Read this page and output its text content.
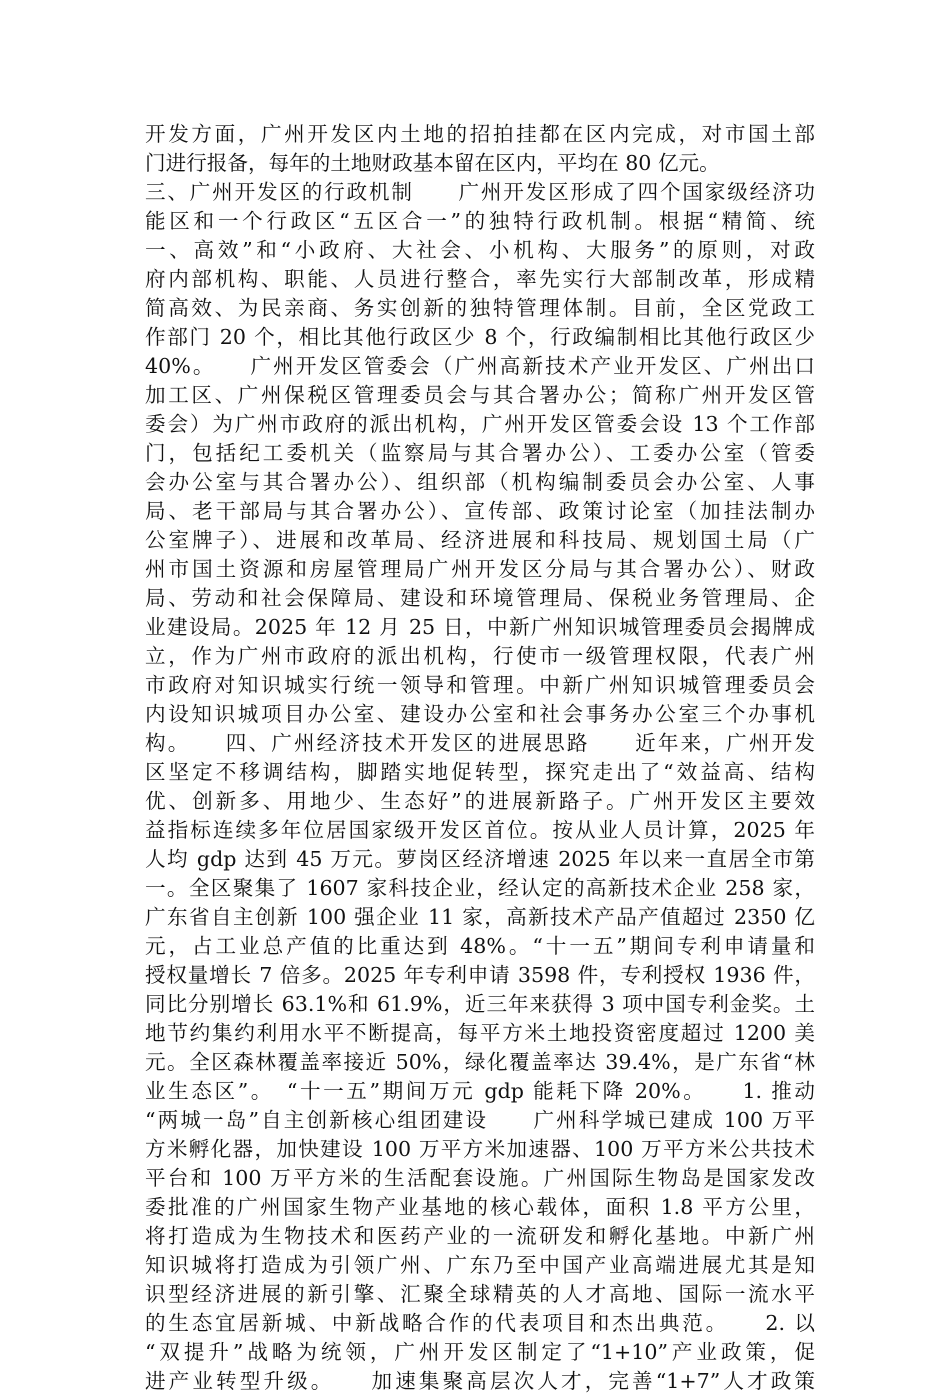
开发方面，广州开发区内土地的招拍挂都在区内完成，对市国土部
门进行报备，每年的土地财政基本留在区内，平均在 80 亿元。
三、广州开发区的行政机制　　广州开发区形成了四个国家级经济功
能区和一个行政区“五区合一”的独特行政机制。根据“精简、统
一、高效”和“小政府、大社会、小机构、大服务”的原则，对政
府内部机构、职能、人员进行整合，率先实行大部制改革，形成精
简高效、为民亲商、务实创新的独特管理体制。目前，全区党政工
作部门 20 个，相比其他行政区少 8 个，行政编制相比其他行政区少
40%。　　广州开发区管委会（广州高新技术产业开发区、广州出口
加工区、广州保税区管理委员会与其合署办公；简称广州开发区管
委会）为广州市政府的派出机构，广州开发区管委会设 13 个工作部
门，包括纪工委机关（监察局与其合署办公）、工委办公室（管委
会办公室与其合署办公）、组织部（机构编制委员会办公室、人事
局、老干部局与其合署办公）、宣传部、政策讨论室（加挂法制办
公室牌子）、进展和改革局、经济进展和科技局、规划国土局（广
州市国土资源和房屋管理局广州开发区分局与其合署办公）、财政
局、劳动和社会保障局、建设和环境管理局、保税业务管理局、企
业建设局。2025 年 12 月 25 日，中新广州知识城管理委员会揭牌成
立，作为广州市政府的派出机构，行使市一级管理权限，代表广州
市政府对知识城实行统一领导和管理。中新广州知识城管理委员会
内设知识城项目办公室、建设办公室和社会事务办公室三个办事机
构。　　四、广州经济技术开发区的进展思路　　近年来，广州开发
区坚定不移调结构，脚踏实地促转型，探究走出了“效益高、结构
优、创新多、用地少、生态好”的进展新路子。广州开发区主要效
益指标连续多年位居国家级开发区首位。按从业人员计算，2025 年
人均 gdp 达到 45 万元。萝岗区经济增速 2025 年以来一直居全市第
一。全区聚集了 1607 家科技企业，经认定的高新技术企业 258 家，
广东省自主创新 100 强企业 11 家，高新技术产品产值超过 2350 亿
元，占工业总产值的比重达到 48%。“十一五”期间专利申请量和
授权量增长 7 倍多。2025 年专利申请 3598 件，专利授权 1936 件，
同比分别增长 63.1%和 61.9%，近三年来获得 3 项中国专利金奖。土
地节约集约利用水平不断提高，每平方米土地投资密度超过 1200 美
元。全区森林覆盖率接近 50%，绿化覆盖率达 39.4%，是广东省“林
业生态区”。　“十一五”期间万元 gdp 能耗下降 20%。　　1. 推动
“两城一岛”自主创新核心组团建设　　广州科学城已建成 100 万平
方米孵化器，加快建设 100 万平方米加速器、100 万平方米公共技术
平台和 100 万平方米的生活配套设施。广州国际生物岛是国家发改
委批准的广州国家生物产业基地的核心载体，面积 1.8 平方公里，
将打造成为生物技术和医药产业的一流研发和孵化基地。中新广州
知识城将打造成为引领广州、广东乃至中国产业高端进展尤其是知
识型经济进展的新引擎、汇聚全球精英的人才高地、国际一流水平
的生态宜居新城、中新战略合作的代表项目和杰出典范。　　2. 以
“双提升”战略为统领，广州开发区制定了“1+10”产业政策，促
进产业转型升级。　　加速集聚高层次人才，完善“1+7”人才政策
